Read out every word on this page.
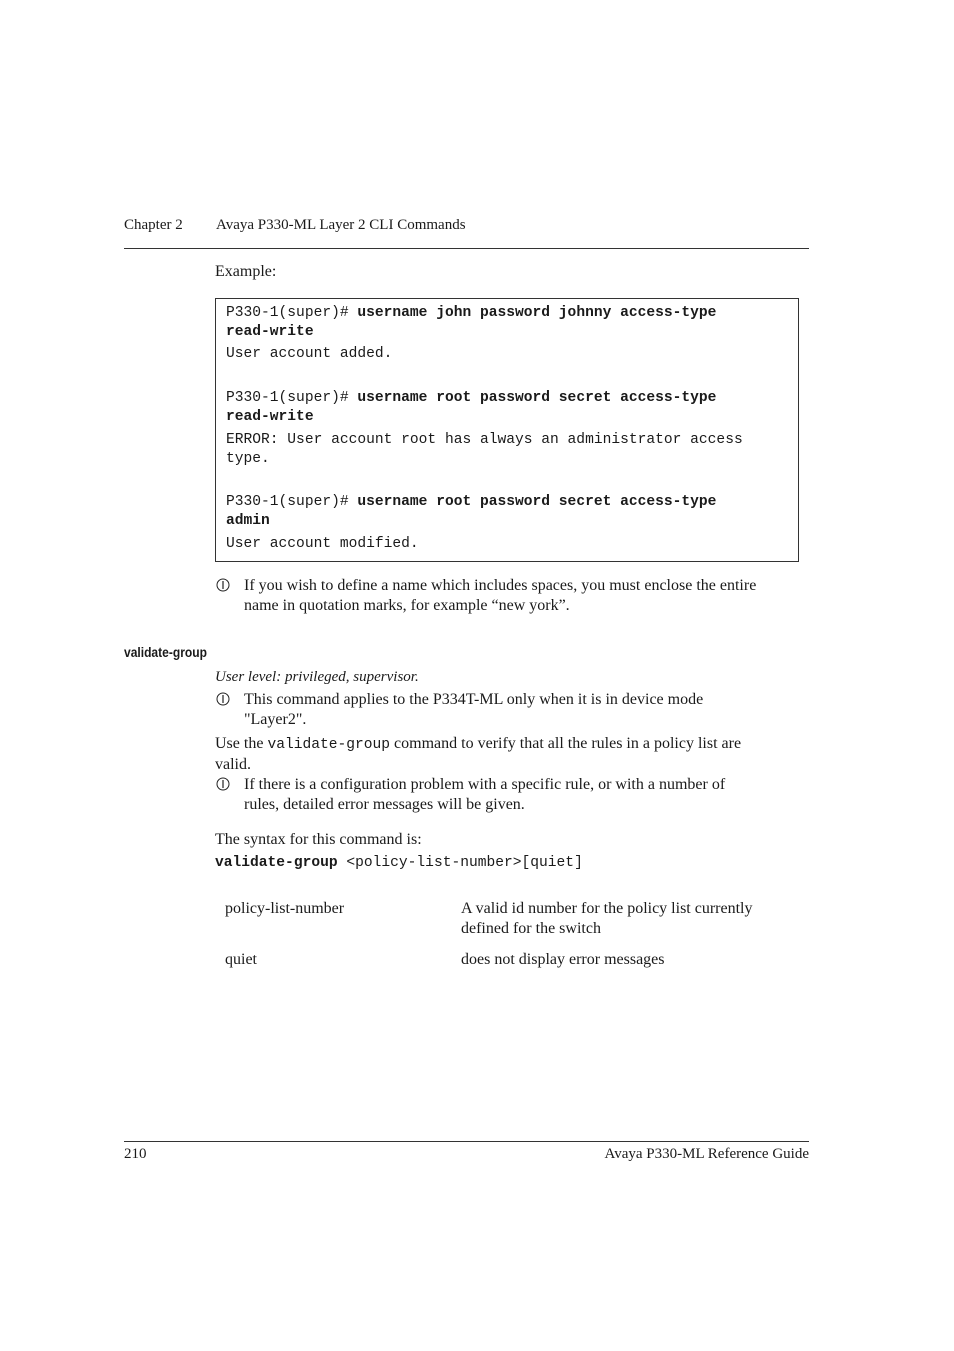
Chapter 2 Avaya P330-ML Layer 2 CLI Commands
Example:
P330-1(super)# username john password johnny access-type
read-write
User account added.
P330-1(super)# username root password secret access-type
read-write
ERROR: User account root has always an administrator access
type.
P330-1(super)# username root password secret access-type
admin
User account modified.
If you wish to define a name which includes spaces, you must enclose the entire
name in quotation marks, for example “new york”.
validate-group
User level: privileged, supervisor.
This command applies to the P334T-ML only when it is in device mode
"Layer2".
Use the validate-group command to verify that all the rules in a policy list are
valid.
If there is a configuration problem with a specific rule, or with a number of
rules, detailed error messages will be given.
The syntax for this command is:
validate-group <policy-list-number>[quiet]
policy-list-number	A valid id number for the policy list currently
defined for the switch
quiet	does not display error messages
210	Avaya P330-ML Reference Guide
